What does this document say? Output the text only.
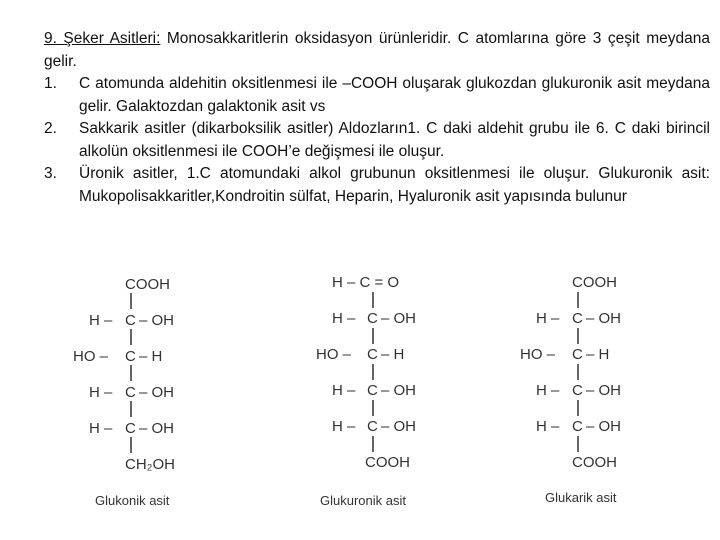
9. Şeker Asitleri: Monosakkaritlerin oksidasyon ürünleridir. C atomlarına göre 3 çeşit meydana gelir.

1. C atomunda aldehitin oksitlenmesi ile –COOH oluşarak glukozdan glukuronik asit meydana gelir. Galaktozdan galaktonik asit vs
2. Sakkarik asitler (dikarboksilik asitler) Aldozların1. C daki aldehit grubu ile 6. C daki birincil alkolün oksitlenmesi ile COOH’e değişmesi ile oluşur.
3. Üronik asitler, 1.C atomundaki alkol grubunun oksitlenmesi ile oluşur. Glukuronik asit: Mukopolisakkaritler,Kondroitin sülfat, Heparin, Hyaluronik asit yapısında bulunur
COOH
H – C – OH
HO – C – H
H – C – OH
H – C – OH
CH₂OH
Glukonik asit
H – C = O
H – C – OH
HO – C – H
H – C – OH
H – C – OH
COOH
Glukuronik asit
COOH
H – C – OH
HO – C – H
H – C – OH
H – C – OH
COOH
Glukarik asit
